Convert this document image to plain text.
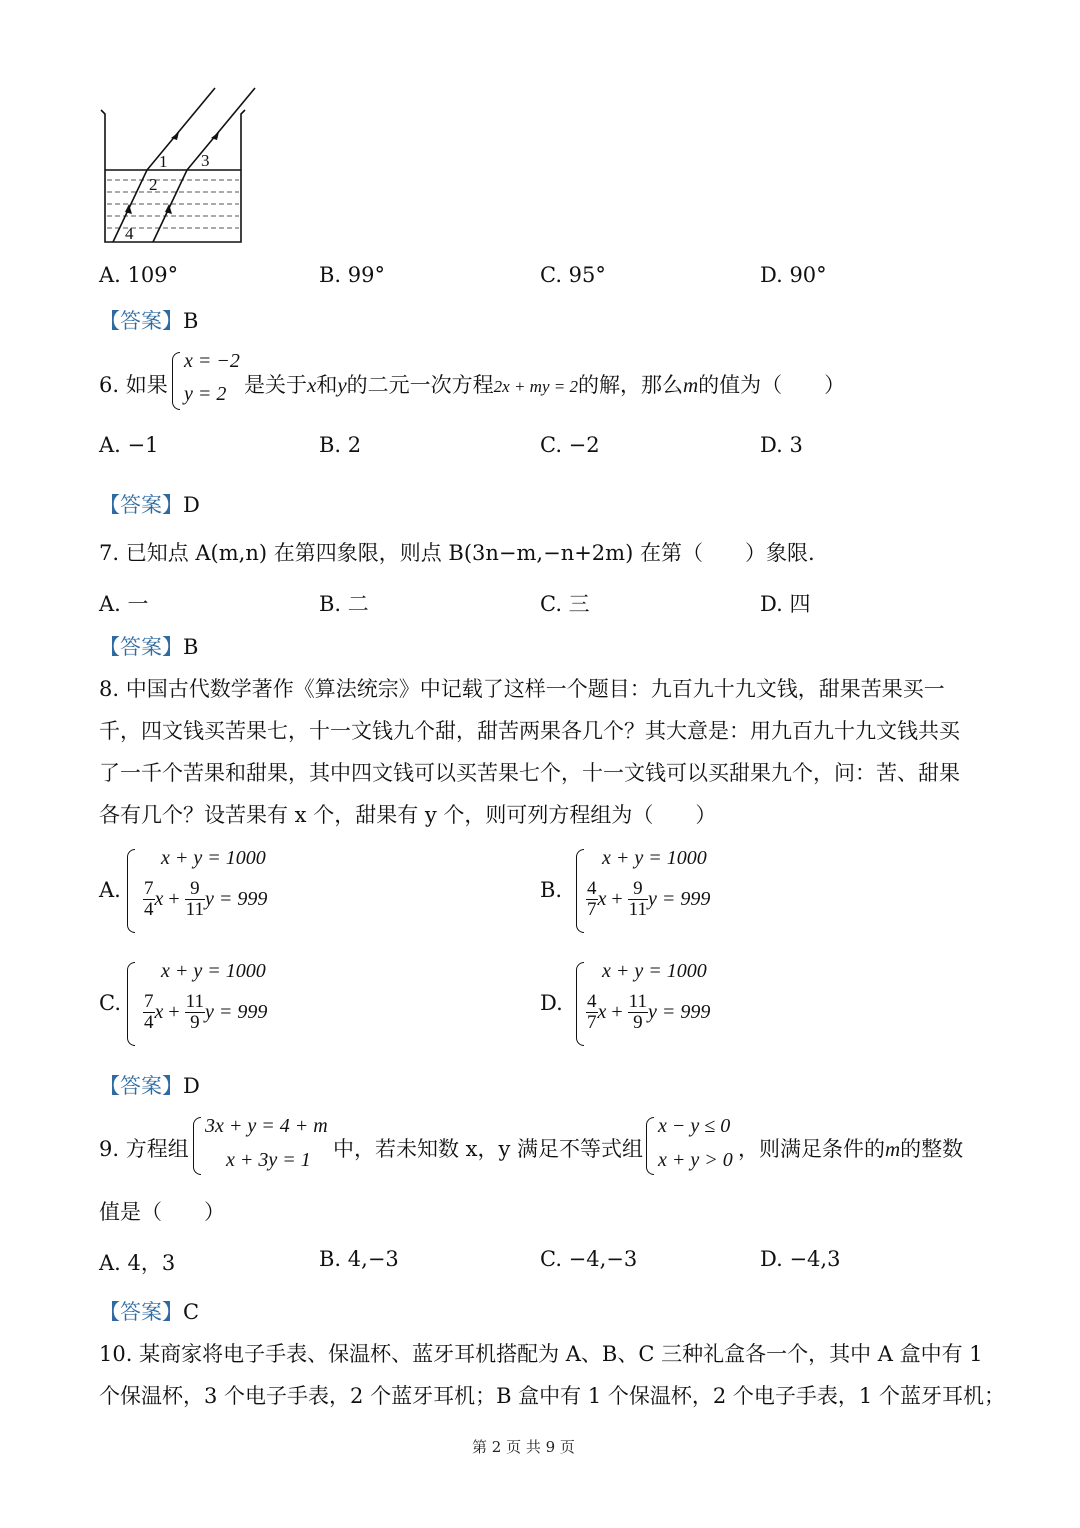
1
2
3
4
A. 109°	B. 99°	C. 95°	D. 90°
【答案】B
6. 如果
x = −2
y = 2 是关于x和y的二元一次方程2x + my = 2的解，那么m的值为（　　）
A. −1	B. 2	C. −2	D. 3
【答案】D
7. 已知点 A(m,n) 在第四象限，则点 B(3n−m,−n+2m) 在第（　　）象限.
A. 一	B. 二	C. 三	D. 四
【答案】B
8. 中国古代数学著作《算法统宗》中记载了这样一个题目：九百九十九文钱，甜果苦果买一
千，四文钱买苦果七，十一文钱九个甜，甜苦两果各几个？其大意是：用九百九十九文钱共买
了一千个苦果和甜果，其中四文钱可以买苦果七个，十一文钱可以买甜果九个，问：苦、甜果
各有几个？设苦果有 x 个，甜果有 y 个，则可列方程组为（　　）
A.
x + y = 1000
$\frac{7}{4}$ $x + \frac{9}{11}$ y = 999	B.
x + y = 1000
$\frac{4}{7}$ $x + \frac{9}{11}$ y = 999
C.
x + y = 1000
$\frac{7}{4}$ $x + \frac{11}{9}$ y = 999	D.
x + y = 1000
$\frac{4}{7}$ $x + \frac{11}{9}$ y = 999
【答案】D
9. 方程组
3x + y = 4 + m
x + 3y = 1 中，若未知数 x，y 满足不等式组
x − y ≤ 0
x + y > 0 ，则满足条件的m的整数
值是（　　）
A. 4，3	B. 4,−3	C. −4,−3	D. −4,3
【答案】C
10. 某商家将电子手表、保温杯、蓝牙耳机搭配为 A、B、C 三种礼盒各一个，其中 A 盒中有 1
个保温杯，3 个电子手表，2 个蓝牙耳机；B 盒中有 1 个保温杯，2 个电子手表，1 个蓝牙耳机；
第 2 页 共 9 页
